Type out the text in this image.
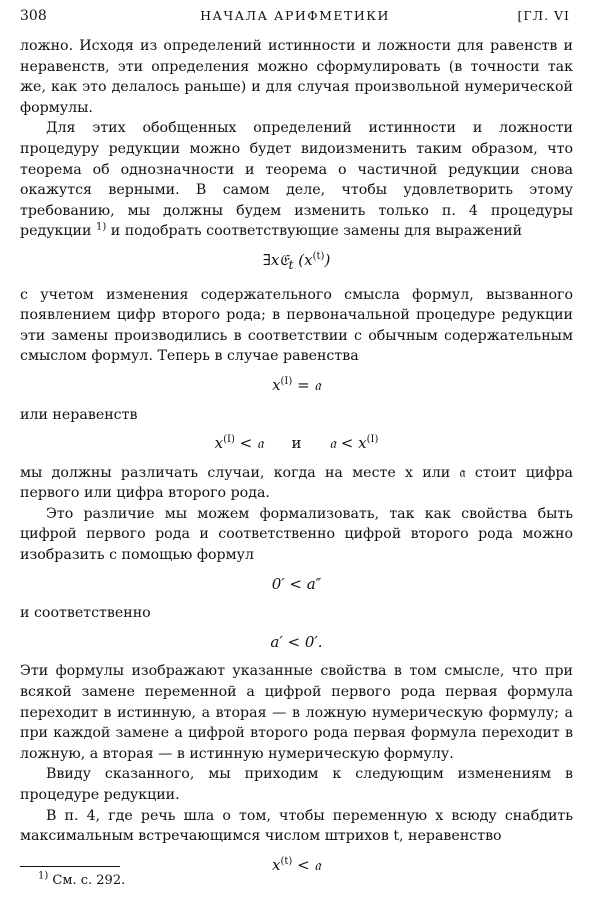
308	НАЧАЛА АРИФМЕТИКИ	[ГЛ. VI

ложно. Исходя из определений истинности и ложности для равенств и неравенств, эти определения можно сформулировать (в точности так же, как это делалось раньше) и для случая произвольной нумерической формулы.

Для этих обобщенных определений истинности и ложности процедуру редукции можно будет видоизменить таким образом, что теорема об однозначности и теорема о частичной редукции снова окажутся верными. В самом деле, чтобы удовлетворить этому требованию, мы должны будем изменить только п. 4 процедуры редукции $^{1)}$ и подобрать соответствующие замены для выражений

∃x𝔈$_t$ $(x^{(t)})$

с учетом изменения содержательного смысла формул, вызванного появлением цифр второго рода; в первоначальной процедуре редукции эти замены производились в соответствии с обычным содержательным смыслом формул. Теперь в случае равенства

$x^{(I)}$ = 𝔞

или неравенств

$x^{(I)}$ < 𝔞 и 𝔞 < $x^{(I)}$

мы должны различать случаи, когда на месте x или 𝔞 стоит цифра первого или цифра второго рода.

Это различие мы можем формализовать, так как свойства быть цифрой первого рода и соответственно цифрой второго рода можно изобразить с помощью формул

0′ < a″

и соответственно

a′ < 0′.

Эти формулы изображают указанные свойства в том смысле, что при всякой замене переменной a цифрой первого рода первая формула переходит в истинную, а вторая — в ложную нумерическую формулу; а при каждой замене a цифрой второго рода первая формула переходит в ложную, а вторая — в истинную нумерическую формулу.

Ввиду сказанного, мы приходим к следующим изменениям в процедуре редукции.

В п. 4, где речь шла о том, чтобы переменную x всюду снабдить максимальным встречающимся числом штрихов t, неравенство

$x^{(t)}$ < 𝔞
$^{1)}$ См. с. 292.
